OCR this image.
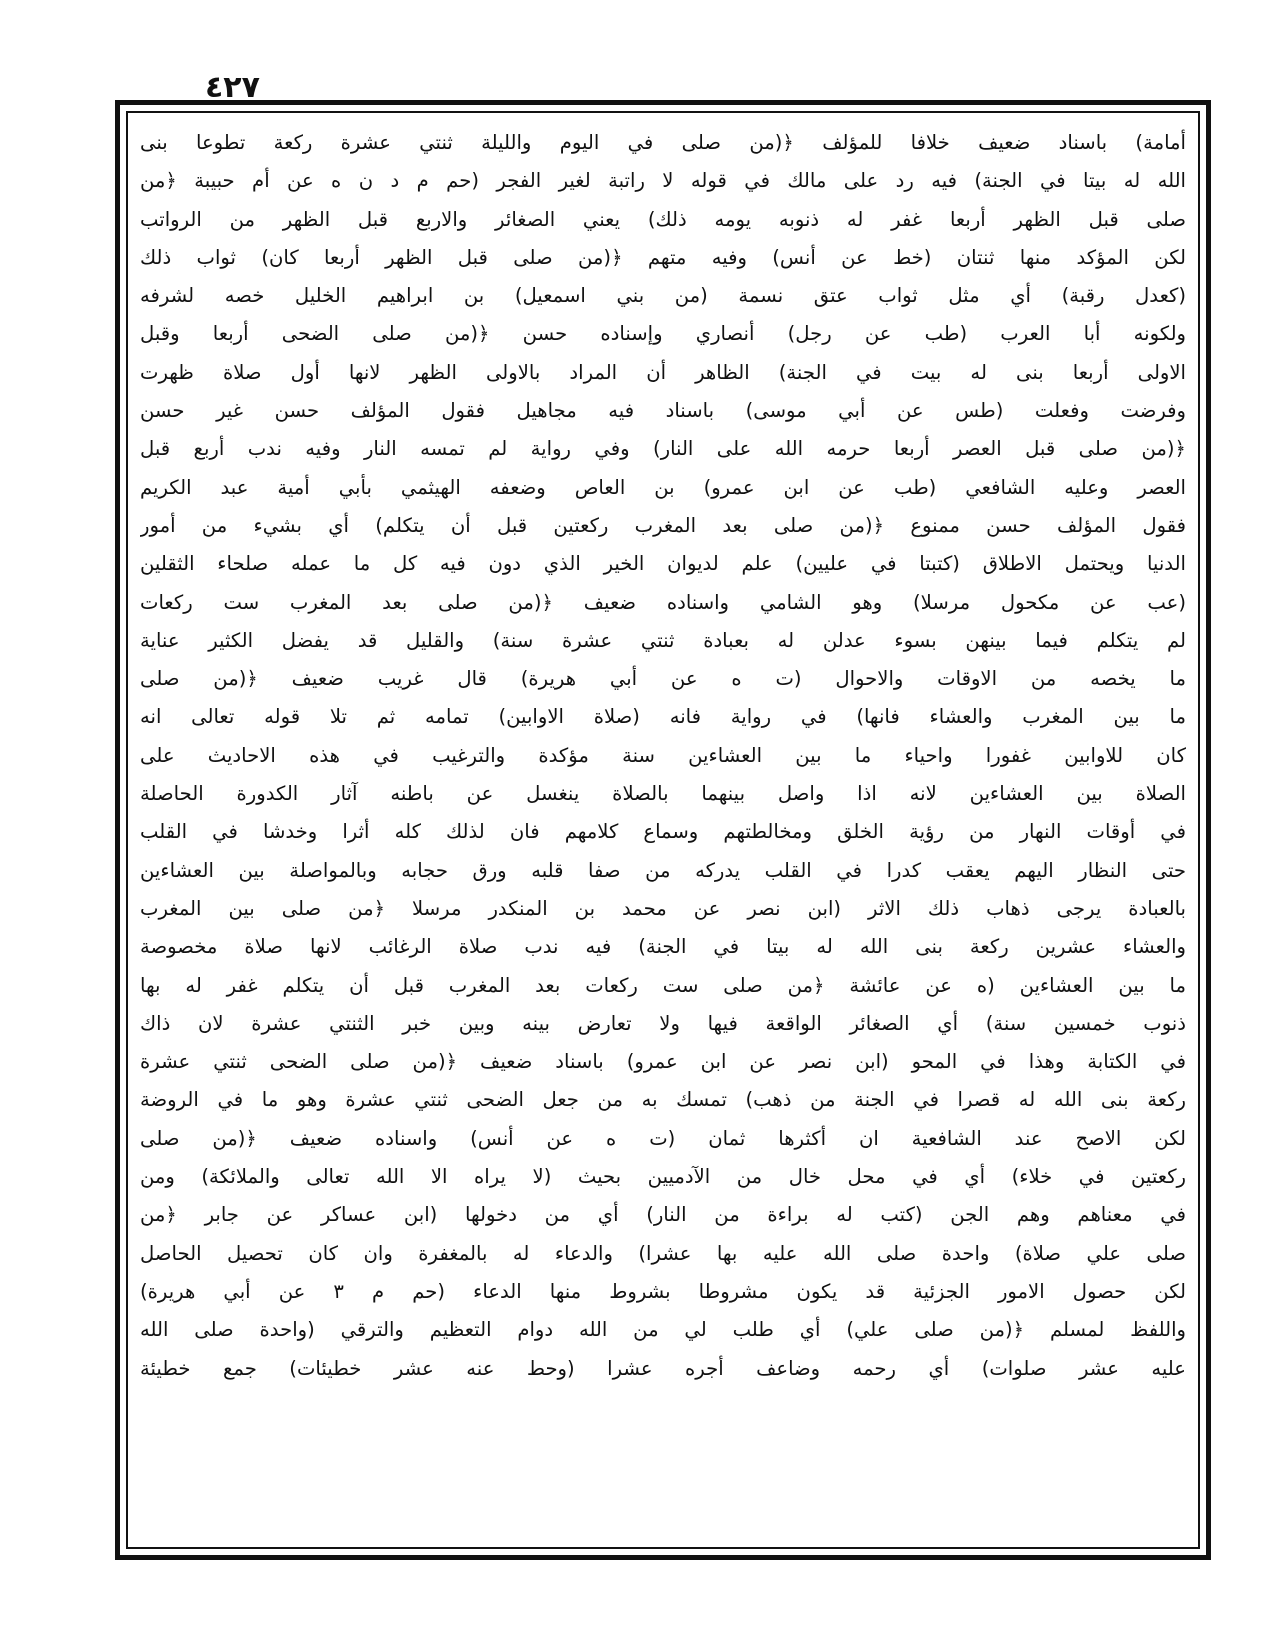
٤٢٧
أمامة) باسناد ضعيف خلافا للمؤلف ﴿(من صلى في اليوم والليلة ثنتي عشرة ركعة تطوعا بنى
الله له بيتا في الجنة) فيه رد على مالك في قوله لا راتبة لغير الفجر (حم م د ن ه عن أم حبيبة ﴿من
صلى قبل الظهر أربعا غفر له ذنوبه يومه ذلك) يعني الصغائر والاربع قبل الظهر من الرواتب
لكن المؤكد منها ثنتان (خط عن أنس) وفيه متهم ﴿(من صلى قبل الظهر أربعا كان) ثواب ذلك
(كعدل رقبة) أي مثل ثواب عتق نسمة (من بني اسمعيل) بن ابراهيم الخليل خصه لشرفه
ولكونه أبا العرب (طب عن رجل) أنصاري وإسناده حسن ﴿(من صلى الضحى أربعا وقبل
الاولى أربعا بنى له بيت في الجنة) الظاهر أن المراد بالاولى الظهر لانها أول صلاة ظهرت
وفرضت وفعلت (طس عن أبي موسى) باسناد فيه مجاهيل فقول المؤلف حسن غير حسن
﴿(من صلى قبل العصر أربعا حرمه الله على النار) وفي رواية لم تمسه النار وفيه ندب أربع قبل
العصر وعليه الشافعي (طب عن ابن عمرو) بن العاص وضعفه الهيثمي بأبي أمية عبد الكريم
فقول المؤلف حسن ممنوع ﴿(من صلى بعد المغرب ركعتين قبل أن يتكلم) أي بشيء من أمور
الدنيا ويحتمل الاطلاق (كتبتا في عليين) علم لديوان الخير الذي دون فيه كل ما عمله صلحاء الثقلين
(عب عن مكحول مرسلا) وهو الشامي واسناده ضعيف ﴿(من صلى بعد المغرب ست ركعات
لم يتكلم فيما بينهن بسوء عدلن له بعبادة ثنتي عشرة سنة) والقليل قد يفضل الكثير عناية
ما يخصه من الاوقات والاحوال (ت ه عن أبي هريرة) قال غريب ضعيف ﴿(من صلى
ما بين المغرب والعشاء فانها) في رواية فانه (صلاة الاوابين) تمامه ثم تلا قوله تعالى انه
كان للاوابين غفورا واحياء ما بين العشاءين سنة مؤكدة والترغيب في هذه الاحاديث على
الصلاة بين العشاءين لانه اذا واصل بينهما بالصلاة ينغسل عن باطنه آثار الكدورة الحاصلة
في أوقات النهار من رؤية الخلق ومخالطتهم وسماع كلامهم فان لذلك كله أثرا وخدشا في القلب
حتى النظار اليهم يعقب كدرا في القلب يدركه من صفا قلبه ورق حجابه وبالمواصلة بين العشاءين
بالعبادة يرجى ذهاب ذلك الاثر (ابن نصر عن محمد بن المنكدر مرسلا ﴿من صلى بين المغرب
والعشاء عشرين ركعة بنى الله له بيتا في الجنة) فيه ندب صلاة الرغائب لانها صلاة مخصوصة
ما بين العشاءين (ه عن عائشة ﴿من صلى ست ركعات بعد المغرب قبل أن يتكلم غفر له بها
ذنوب خمسين سنة) أي الصغائر الواقعة فيها ولا تعارض بينه وبين خبر الثنتي عشرة لان ذاك
في الكتابة وهذا في المحو (ابن نصر عن ابن عمرو) باسناد ضعيف ﴿(من صلى الضحى ثنتي عشرة
ركعة بنى الله له قصرا في الجنة من ذهب) تمسك به من جعل الضحى ثنتي عشرة وهو ما في الروضة
لكن الاصح عند الشافعية ان أكثرها ثمان (ت ه عن أنس) واسناده ضعيف ﴿(من صلى
ركعتين في خلاء) أي في محل خال من الآدميين بحيث (لا يراه الا الله تعالى والملائكة) ومن
في معناهم وهم الجن (كتب له براءة من النار) أي من دخولها (ابن عساكر عن جابر ﴿من
صلى علي صلاة) واحدة صلى الله عليه بها عشرا) والدعاء له بالمغفرة وان كان تحصيل الحاصل
لكن حصول الامور الجزئية قد يكون مشروطا بشروط منها الدعاء (حم م ٣ عن أبي هريرة)
واللفظ لمسلم ﴿(من صلى علي) أي طلب لي من الله دوام التعظيم والترقي (واحدة صلى الله
عليه عشر صلوات) أي رحمه وضاعف أجره عشرا (وحط عنه عشر خطيئات) جمع خطيئة
